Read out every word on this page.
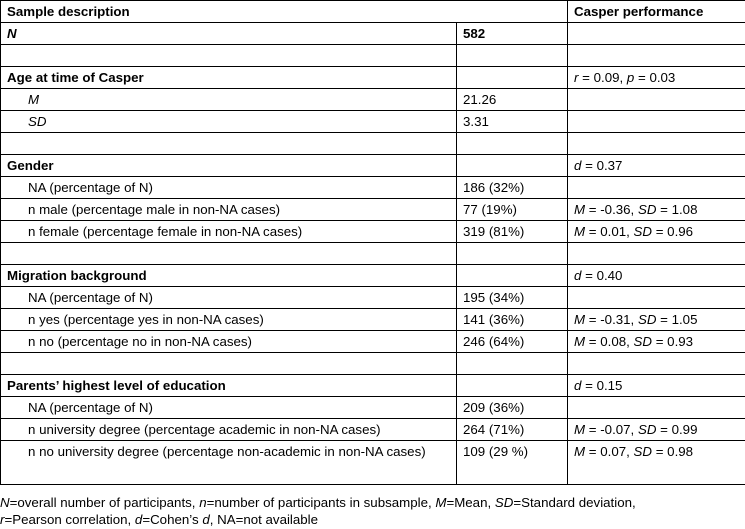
Sample description		Casper performance
N	582	

Age at time of Casper		r = 0.09, p = 0.03
M	21.26	
SD	3.31	

Gender		d = 0.37
NA (percentage of N)	186 (32%)	
n male (percentage male in non-NA cases)	77 (19%)	M = -0.36, SD = 1.08
n female (percentage female in non-NA cases)	319 (81%)	M = 0.01, SD = 0.96

Migration background		d = 0.40
NA (percentage of N)	195 (34%)	
n yes (percentage yes in non-NA cases)	141 (36%)	M = -0.31, SD = 1.05
n no (percentage no in non-NA cases)	246 (64%)	M = 0.08, SD = 0.93

Parents’ highest level of education		d = 0.15
NA (percentage of N)	209 (36%)	
n university degree (percentage academic in non-NA cases)	264 (71%)	M = -0.07, SD = 0.99
n no university degree (percentage non-academic in non-NA cases)	109 (29 %)	M = 0.07, SD = 0.98
N=overall number of participants, n=number of participants in subsample, M=Mean, SD=Standard deviation,
r=Pearson correlation, d=Cohen’s d, NA=not available
